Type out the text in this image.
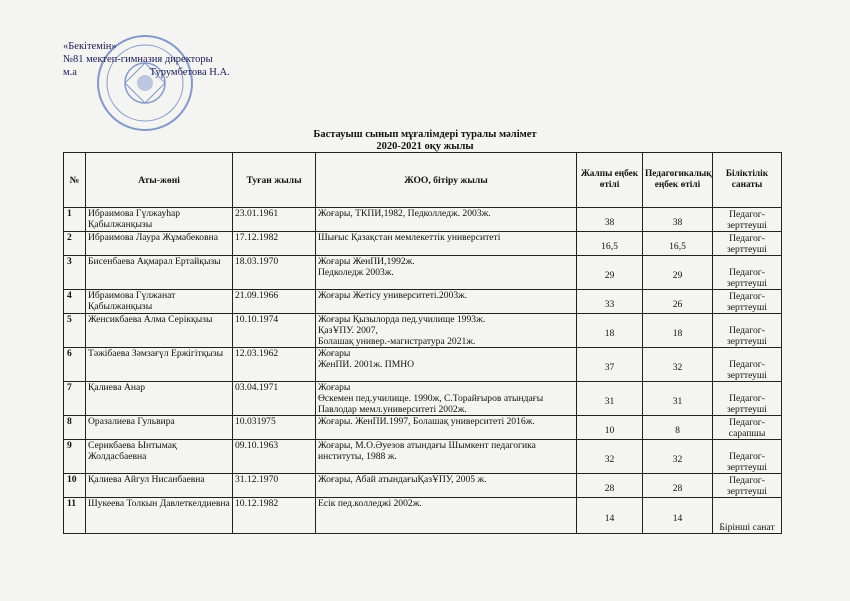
«Бекітемін»
№81 мектеп-гимназия директоры
м.а	Турумбетова Н.А.
Бастауыш сынып мұғалімдері туралы мәлімет
2020-2021 оқу жылы
№	Аты-жөні	Туған жылы	ЖОО, бітіру жылы	Жалпы еңбек өтілі	Педагогикалық еңбек өтілі	Біліктілік санаты
1	Ибраимова Гүлжауһар Қабылжанқызы	23.01.1961	Жоғары, ТКПИ,1982, Педколледж. 2003ж.	38	38	Педагог-зерттеуші
2	Ибраимова Лаура Жұмабековна	17.12.1982	Шығыс Қазақстан мемлекеттік университеті	16,5	16,5	Педагог-зерттеуші
3	Бисенбаева Ақмарал Ертайқызы	18.03.1970	Жоғары ЖенПИ,1992ж.
Педколедж 2003ж.	29	29	Педагог-зерттеуші
4	Ибраимова Гүлжанат Қабылжанқызы	21.09.1966	Жоғары Жетісу университеті.2003ж.	33	26	Педагог-зерттеуші
5	Женсикбаева Алма Серікқызы	10.10.1974	Жоғары Қызылорда пед.училище 1993ж.
ҚазҰПУ. 2007,
Болашақ универ.-магистратура 2021ж.	18	18	Педагог-зерттеуші
6	Тәжібаева Зәмзағүл Ержігітқызы	12.03.1962	Жоғары
ЖенПИ. 2001ж. ПМНО	37	32	Педагог-зерттеуші
7	Қалиева Анар	03.04.1971	Жоғары
Өскемен пед.училище. 1990ж, С.Торайғыров атындағы Павлодар мемл.университеті 2002ж.	31	31	Педагог-зерттеуші
8	Оразалиева Гульвира	10.031975	Жоғары. ЖенПИ.1997, Болашақ университеті 2016ж.	10	8	Педагог-сарапшы
9	Серикбаева Ынтымақ Жолдасбаевна	09.10.1963	Жоғары, М.О.Әуезов атындағы Шымкент педагогика институты, 1988 ж.	32	32	Педагог-зерттеуші
10	Қалиева Айгул Нисанбаевна	31.12.1970	Жоғары, Абай атындағыҚазҰПУ, 2005 ж.	28	28	Педагог-зерттеуші
11	Шукеева Толкын Давлеткелдиевна	10.12.1982	Есік пед.колледжі 2002ж.	14	14	Бірінші санат
